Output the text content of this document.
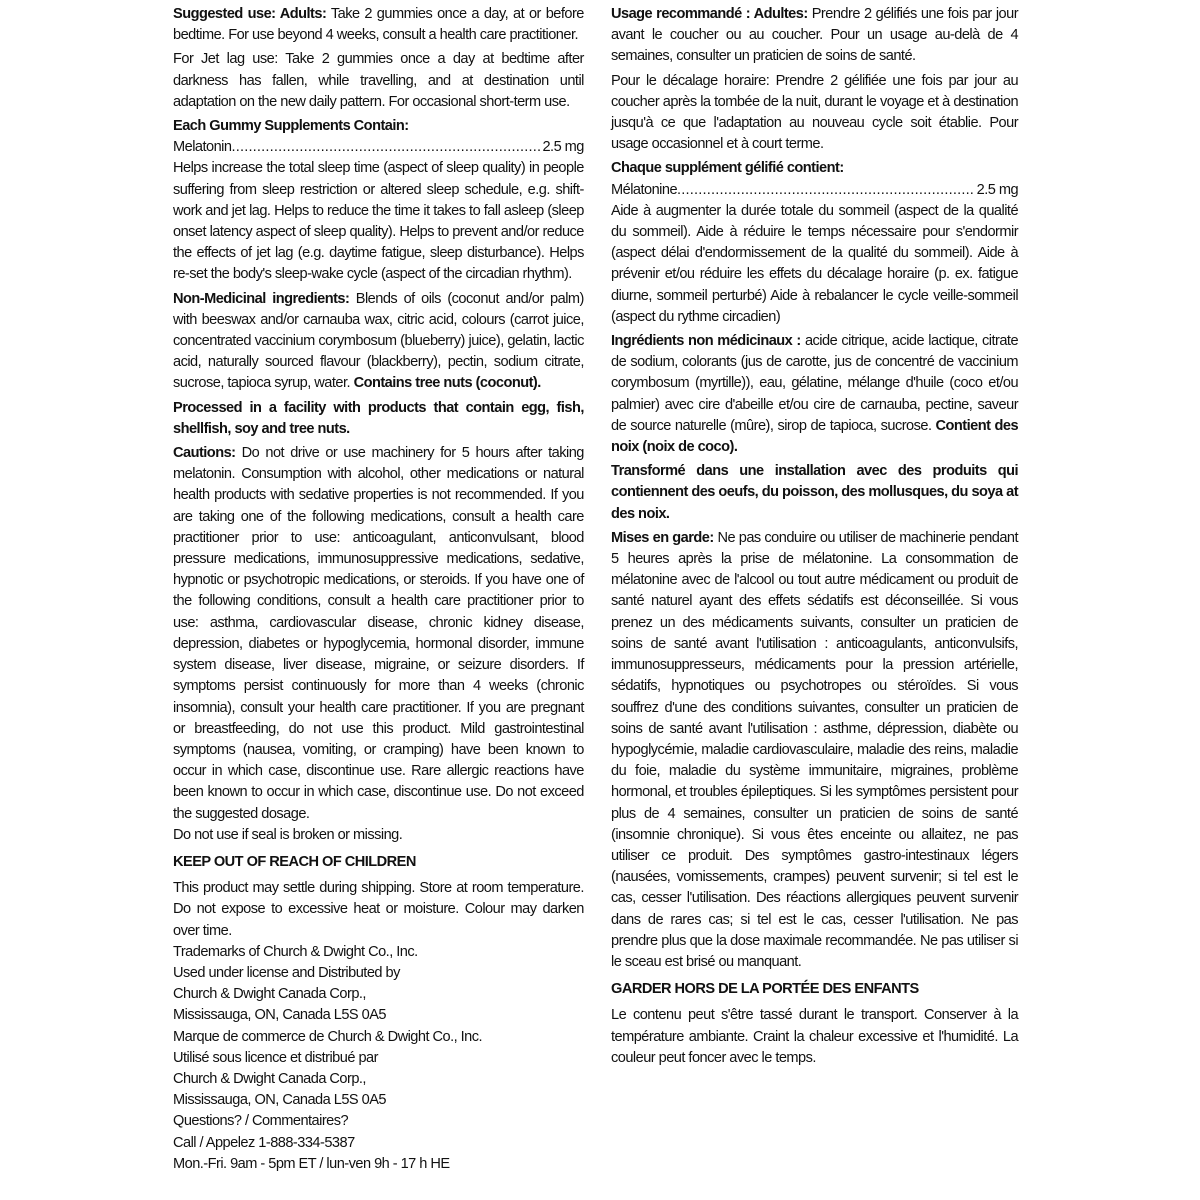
Suggested use: Adults: Take 2 gummies once a day, at or before bedtime. For use beyond 4 weeks, consult a health care practitioner.

For Jet lag use: Take 2 gummies once a day at bedtime after darkness has fallen, while travelling, and at destination until adaptation on the new daily pattern. For occasional short-term use.

Each Gummy Supplements Contain:

Melatonin .....	2.5 mg

Helps increase the total sleep time (aspect of sleep quality) in people suffering from sleep restriction or altered sleep schedule, e.g. shift-work and jet lag. Helps to reduce the time it takes to fall asleep (sleep onset latency aspect of sleep quality). Helps to prevent and/or reduce the effects of jet lag (e.g. daytime fatigue, sleep disturbance). Helps re-set the body's sleep-wake cycle (aspect of the circadian rhythm).

Non-Medicinal ingredients: Blends of oils (coconut and/or palm) with beeswax and/or carnauba wax, citric acid, colours (carrot juice, concentrated vaccinium corymbosum (blueberry) juice), gelatin, lactic acid, naturally sourced flavour (blackberry), pectin, sodium citrate, sucrose, tapioca syrup, water. Contains tree nuts (coconut).

Processed in a facility with products that contain egg, fish, shellfish, soy and tree nuts.

Cautions: Do not drive or use machinery for 5 hours after taking melatonin. Consumption with alcohol, other medications or natural health products with sedative properties is not recommended. If you are taking one of the following medications, consult a health care practitioner prior to use: anticoagulant, anticonvulsant, blood pressure medications, immunosuppressive medications, sedative, hypnotic or psychotropic medications, or steroids. If you have one of the following conditions, consult a health care practitioner prior to use: asthma, cardiovascular disease, chronic kidney disease, depression, diabetes or hypoglycemia, hormonal disorder, immune system disease, liver disease, migraine, or seizure disorders. If symptoms persist continuously for more than 4 weeks (chronic insomnia), consult your health care practitioner. If you are pregnant or breastfeeding, do not use this product. Mild gastrointestinal symptoms (nausea, vomiting, or cramping) have been known to occur in which case, discontinue use. Rare allergic reactions have been known to occur in which case, discontinue use. Do not exceed the suggested dosage.

Do not use if seal is broken or missing.

KEEP OUT OF REACH OF CHILDREN

This product may settle during shipping. Store at room temperature. Do not expose to excessive heat or moisture. Colour may darken over time.

Trademarks of Church & Dwight Co., Inc.

Used under license and Distributed by

Church & Dwight Canada Corp.,

Mississauga, ON, Canada L5S 0A5

Marque de commerce de Church & Dwight Co., Inc.

Utilisé sous licence et distribué par

Church & Dwight Canada Corp.,

Mississauga, ON, Canada L5S 0A5

Questions? / Commentaires?

Call / Appelez 1-888-334-5387

Mon.-Fri. 9am - 5pm ET / lun-ven 9h - 17 h HE

Usage recommandé : Adultes: Prendre 2 gélifiés une fois par jour avant le coucher ou au coucher. Pour un usage au-delà de 4 semaines, consulter un praticien de soins de santé.

Pour le décalage horaire: Prendre 2 gélifiée une fois par jour au coucher après la tombée de la nuit, durant le voyage et à destination jusqu'à ce que l'adaptation au nouveau cycle soit établie. Pour usage occasionnel et à court terme.

Chaque supplément gélifié contient:

Mélatonine .....	2.5 mg

Aide à augmenter la durée totale du sommeil (aspect de la qualité du sommeil). Aide à réduire le temps nécessaire pour s'endormir (aspect délai d'endormissement de la qualité du sommeil). Aide à prévenir et/ou réduire les effets du décalage horaire (p. ex. fatigue diurne, sommeil perturbé) Aide à rebalancer le cycle veille-sommeil (aspect du rythme circadien)

Ingrédients non médicinaux : acide citrique, acide lactique, citrate de sodium, colorants (jus de carotte, jus de concentré de vaccinium corymbosum (myrtille)), eau, gélatine, mélange d'huile (coco et/ou palmier) avec cire d'abeille et/ou cire de carnauba, pectine, saveur de source naturelle (mûre), sirop de tapioca, sucrose. Contient des noix (noix de coco).

Transformé dans une installation avec des produits qui contiennent des oeufs, du poisson, des mollusques, du soya at des noix.

Mises en garde: Ne pas conduire ou utiliser de machinerie pendant 5 heures après la prise de mélatonine. La consommation de mélatonine avec de l'alcool ou tout autre médicament ou produit de santé naturel ayant des effets sédatifs est déconseillée. Si vous prenez un des médicaments suivants, consulter un praticien de soins de santé avant l'utilisation : anticoagulants, anticonvulsifs, immunosuppresseurs, médicaments pour la pression artérielle, sédatifs, hypnotiques ou psychotropes ou stéroïdes. Si vous souffrez d'une des conditions suivantes, consulter un praticien de soins de santé avant l'utilisation : asthme, dépression, diabète ou hypoglycémie, maladie cardiovasculaire, maladie des reins, maladie du foie, maladie du système immunitaire, migraines, problème hormonal, et troubles épileptiques. Si les symptômes persistent pour plus de 4 semaines, consulter un praticien de soins de santé (insomnie chronique). Si vous êtes enceinte ou allaitez, ne pas utiliser ce produit. Des symptômes gastro-intestinaux légers (nausées, vomissements, crampes) peuvent survenir; si tel est le cas, cesser l'utilisation. Des réactions allergiques peuvent survenir dans de rares cas; si tel est le cas, cesser l'utilisation. Ne pas prendre plus que la dose maximale recommandée. Ne pas utiliser si le sceau est brisé ou manquant.

GARDER HORS DE LA PORTÉE DES ENFANTS

Le contenu peut s'être tassé durant le transport. Conserver à la température ambiante. Craint la chaleur excessive et l'humidité. La couleur peut foncer avec le temps.
